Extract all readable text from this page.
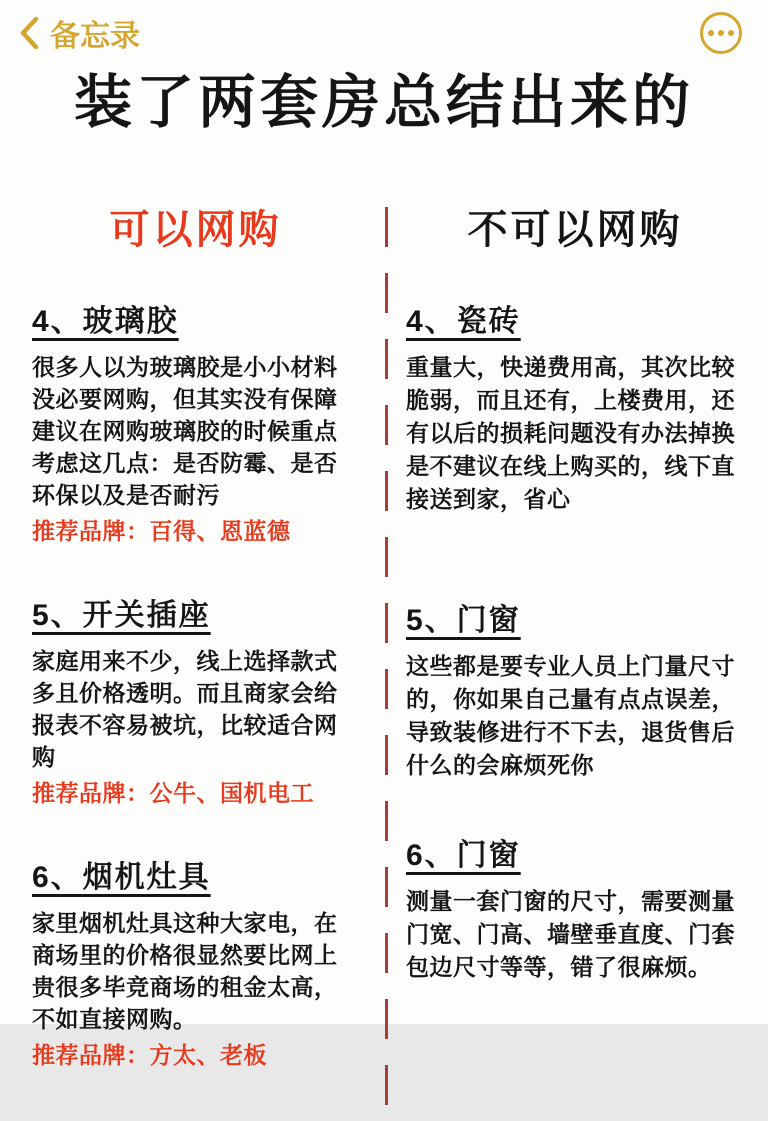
备忘录
装了两套房总结出来的
可以网购
4、玻璃胶

很多人以为玻璃胶是小小材料没必要网购，但其实没有保障建议在网购玻璃胶的时候重点考虑这几点：是否防霉、是否环保以及是否耐污

推荐品牌：百得、恩蓝德

5、开关插座

家庭用来不少，线上选择款式多且价格透明。而且商家会给报表不容易被坑，比较适合网购

推荐品牌：公牛、国机电工

6、烟机灶具

家里烟机灶具这种大家电，在商场里的价格很显然要比网上贵很多毕竞商场的租金太高，不如直接网购。

推荐品牌：方太、老板

不可以网购
4、瓷砖

重量大，快递费用高，其次比较脆弱，而且还有，上楼费用，还有以后的损耗问题没有办法掉换是不建议在线上购买的，线下直接送到家，省心

5、门窗

这些都是要专业人员上门量尺寸的，你如果自己量有点点误差，导致装修进行不下去，退货售后什么的会麻烦死你

6、门窗

测量一套门窗的尺寸，需要测量门宽、门高、墙壁垂直度、门套包边尺寸等等，错了很麻烦。
